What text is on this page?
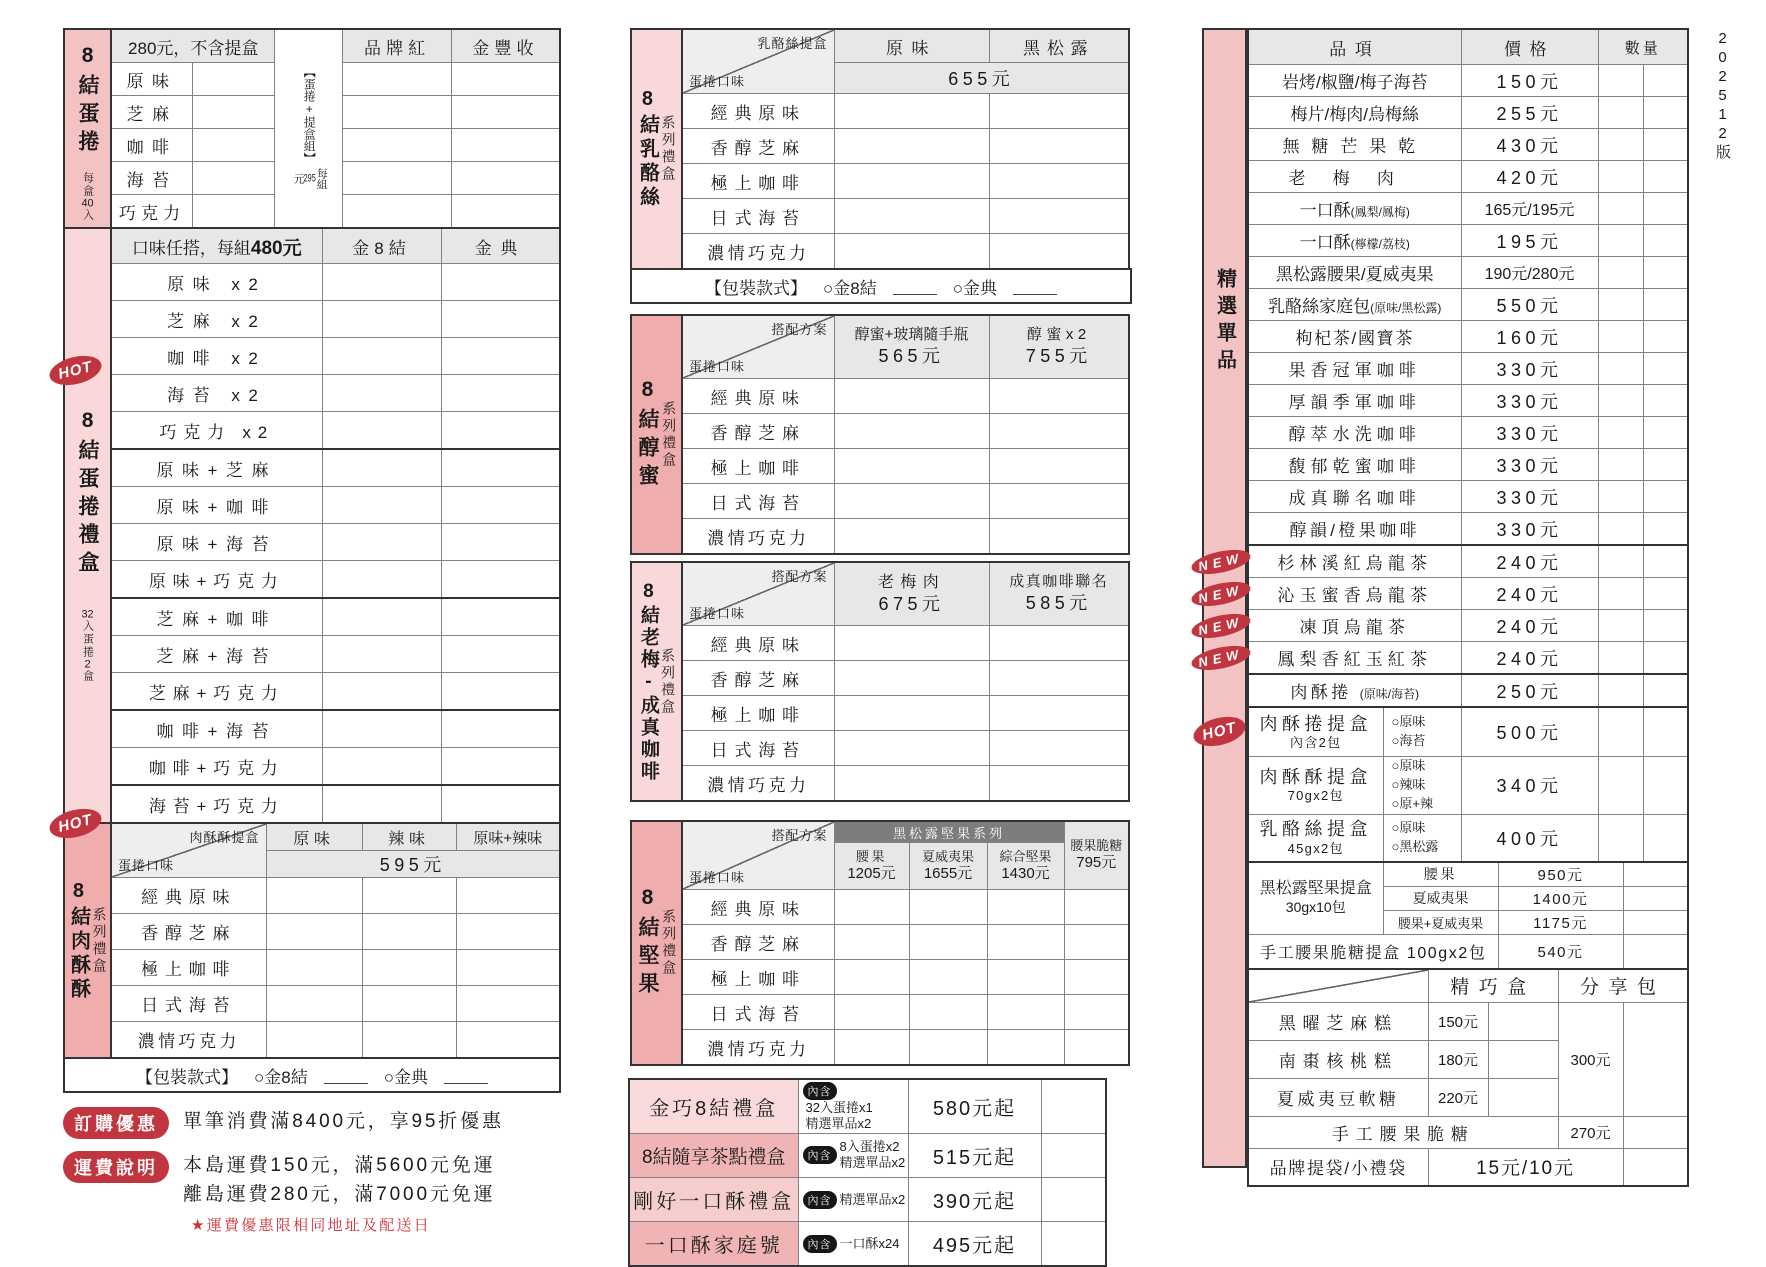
8結蛋捲
每盒40入
280元，不含提盒		【蛋捲+提盒組】
每組
295
元	品牌紅	金豐收
原味				
芝麻				
咖啡				
海苔				
巧克力				
HOT
8結蛋捲禮盒
32入蛋捲2盒
口味任搭，每組480元	金8結	金典
原味 x2		
芝麻 x2		
咖啡 x2		
海苔 x2		
巧克力 x2		
原味+芝麻		
原味+咖啡		
原味+海苔		
原味+巧克力		
芝麻+咖啡		
芝麻+海苔		
芝麻+巧克力		
咖啡+海苔		
咖啡+巧克力		
海苔+巧克力		
HOT
8結肉酥酥 系列禮盒
肉酥酥提盒
蛋捲口味	原味	辣味	原味+辣味
	595元		
經典原味			
香醇芝麻			
極上咖啡			
日式海苔			
濃情巧克力			
【包裝款式】 ○金8結	○金典
訂購優惠	單筆消費滿8400元，享95折優惠
運費說明	本島運費150元，滿5600元免運
離島運費280元，滿7000元免運
★運費優惠限相同地址及配送日
8結乳酪絲 系列禮盒
乳酪絲提盒
蛋捲口味	原味	黑松露
	655元	
經典原味		
香醇芝麻		
極上咖啡		
日式海苔		
濃情巧克力		
【包裝款式】 ○金8結	○金典
8結醇蜜 系列禮盒
搭配方案
蛋捲口味

醇蜜+玻璃隨手瓶
565元

醇蜜x2
755元

經典原味		
香醇芝麻		
極上咖啡		
日式海苔		
濃情巧克力		
8結老梅-成真咖啡 系列禮盒
搭配方案
蛋捲口味

老梅肉
675元

成真咖啡聯名
585元

經典原味		
香醇芝麻		
極上咖啡		
日式海苔		
濃情巧克力		
8結堅果 系列禮盒
搭配方案
蛋捲口味
	黑松露堅果系列	
腰果脆糖
795元

腰果
1205元

夏威夷果
1655元

綜合堅果
1430元

經典原味				
香醇芝麻				
極上咖啡				
日式海苔				
濃情巧克力				
金巧8結禮盒	內含
32入蛋捲x1
精選單品x2	580元起	
8結隨享茶點禮盒	內含
8入蛋捲x2
精選單品x2	515元起	
剛好一口酥禮盒	內含 精選單品x2	390元起	
一口酥家庭號	內含 一口酥x24	495元起	
精選單品
品項	價格	數量	
岩烤/椒鹽/梅子海苔	150元		
梅片/梅肉/烏梅絲	255元		
無糖芒果乾	430元		
老梅肉	420元		
一口酥(鳳梨/鳳梅)	165元/195元		
一口酥(檸檬/荔枝)	195元		
黑松露腰果/夏威夷果	190元/280元		
乳酪絲家庭包(原味/黑松露)	550元		
枸杞茶/國寶茶	160元		
果香冠軍咖啡	330元		
厚韻季軍咖啡	330元		
醇萃水洗咖啡	330元		
馥郁乾蜜咖啡	330元		
成真聯名咖啡	330元		
醇韻/橙果咖啡	330元		

NEW 杉林溪紅烏龍茶	240元		

NEW 沁玉蜜香烏龍茶	240元		

NEW 凍頂烏龍茶	240元		

NEW 鳳梨香紅玉紅茶	240元		
肉酥捲 (原味/海苔)	250元		
HOT	肉酥捲提盒
內含2包

○原味
○海苔	500元		

肉酥酥提盒
70gx2包

○原味
○辣味
○原+辣
	340元		

乳酪絲提盒
45gx2包

○原味
○黑松露	400元		
黑松露堅果提盒
30gx10包	腰果	950元	
	夏威夷果	1400元	
	腰果+夏威夷果	1175元	
手工腰果脆糖提盒 100gx2包		540元	
	精巧盒		分享包	
黑曜芝麻糕	150元		300元	
南棗核桃糕	180元			
夏威夷豆軟糖	220元			
手工腰果脆糖			270元	
品牌提袋/小禮袋	15元/10元			
202512版
